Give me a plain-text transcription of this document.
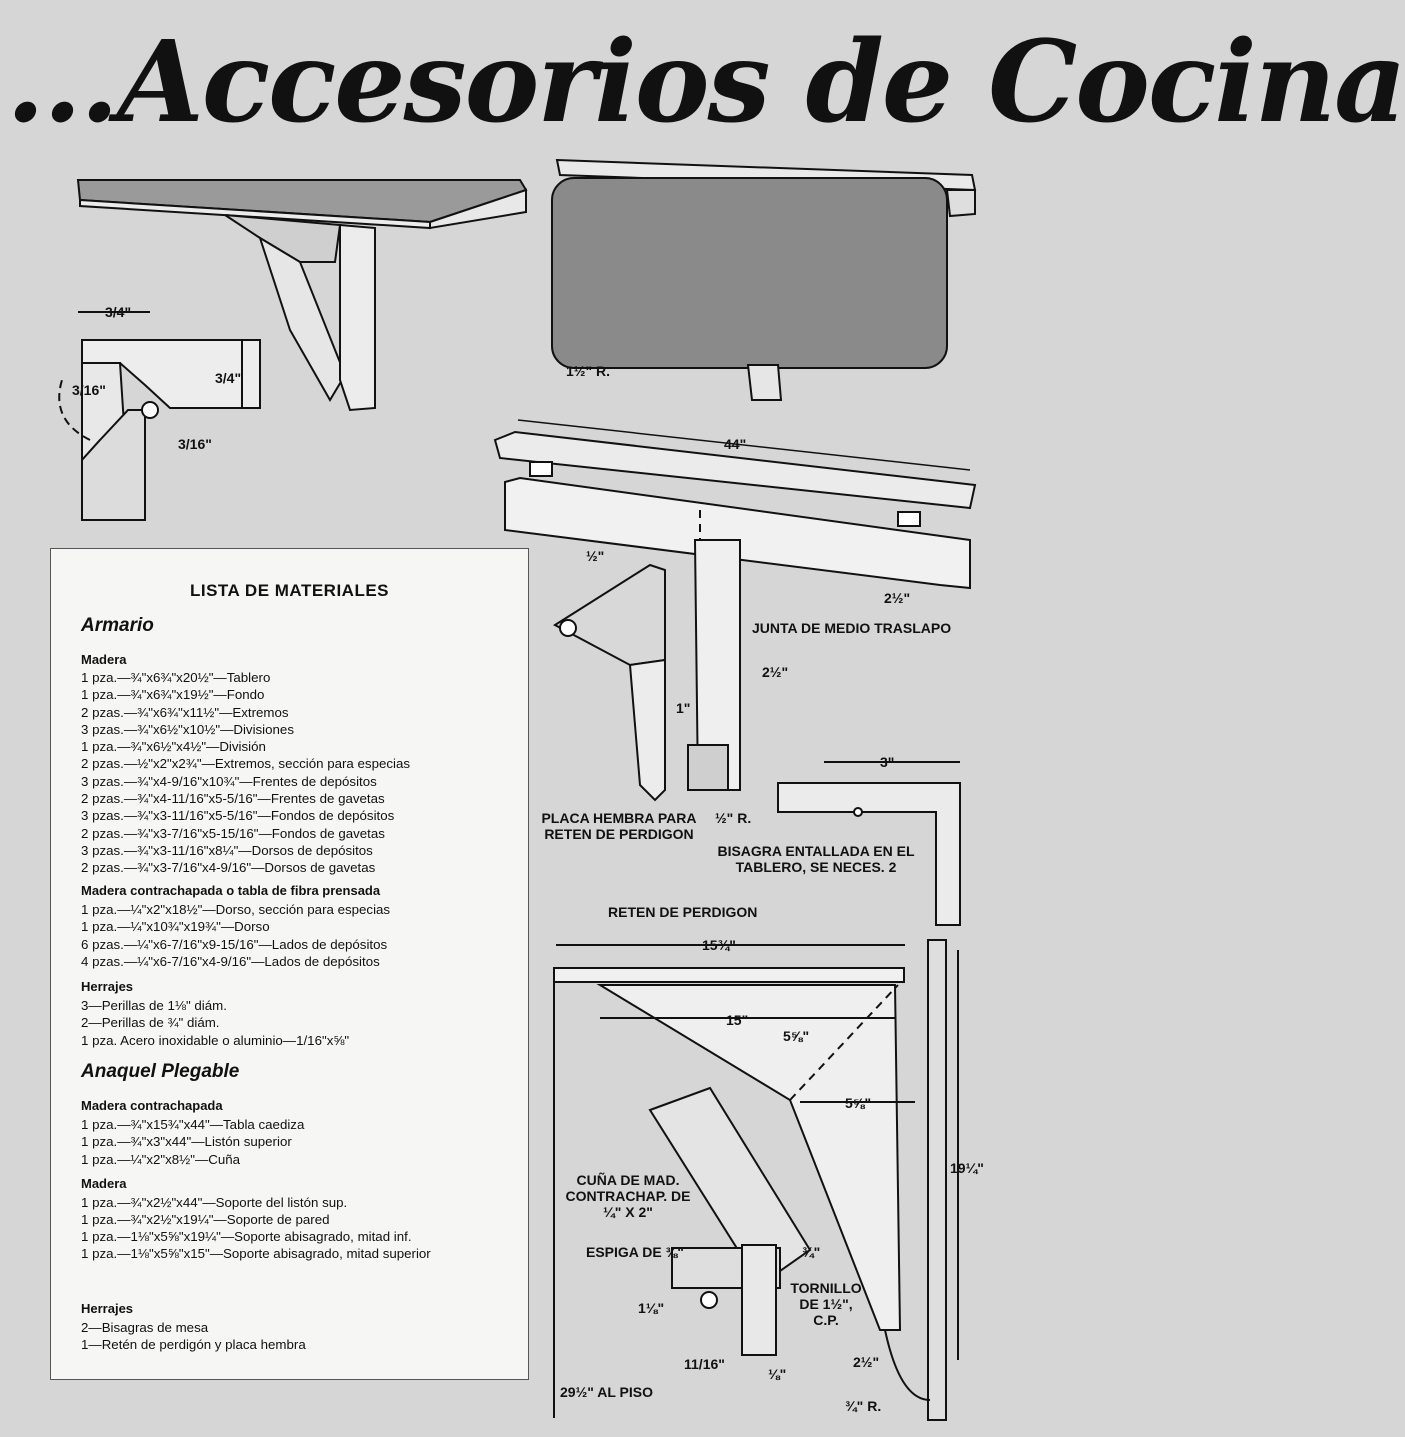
...Accesorios de Cocina
3/4"
3/16"
3/4"
3/16"
1½" R.
44"
½"
2½"
JUNTA DE MEDIO TRASLAPO
2½"
1"
PLACA HEMBRA PARA
RETEN DE PERDIGON
½" R.
3"
BISAGRA ENTALLADA EN EL
TABLERO, SE NECES. 2
RETEN DE PERDIGON
15¾"
15"
5⅝"
5⅝"
CUÑA DE MAD.
CONTRACHAP. DE
¼" X 2"
19¼"
ESPIGA DE ⅜"	¾"
TORNILLO
DE 1½",
C.P.
1⅛"
11/16"
⅛"
2½"
29½" AL PISO
¾" R.
LISTA DE MATERIALES
Armario
Madera
1 pza.—¾"x6¾"x20½"—Tablero
1 pza.—¾"x6¾"x19½"—Fondo
2 pzas.—¾"x6¾"x11½"—Extremos
3 pzas.—¾"x6½"x10½"—Divisiones
1 pza.—¾"x6½"x4½"—División
2 pzas.—½"x2"x2¾"—Extremos, sección para especias
3 pzas.—¾"x4-9/16"x10¾"—Frentes de depósitos
2 pzas.—¾"x4-11/16"x5-5/16"—Frentes de gavetas
3 pzas.—¾"x3-11/16"x5-5/16"—Fondos de depósitos
2 pzas.—¾"x3-7/16"x5-15/16"—Fondos de gavetas
3 pzas.—¾"x3-11/16"x8¼"—Dorsos de depósitos
2 pzas.—¾"x3-7/16"x4-9/16"—Dorsos de gavetas
Madera contrachapada o tabla de fibra prensada
1 pza.—¼"x2"x18½"—Dorso, sección para especias
1 pza.—¼"x10¾"x19¾"—Dorso
6 pzas.—¼"x6-7/16"x9-15/16"—Lados de depósitos
4 pzas.—¼"x6-7/16"x4-9/16"—Lados de depósitos
Herrajes
3—Perillas de 1⅛" diám.
2—Perillas de ¾" diám.
1 pza. Acero inoxidable o aluminio—1/16"x⅝"
Anaquel Plegable
Madera contrachapada
1 pza.—¾"x15¾"x44"—Tabla caediza
1 pza.—¾"x3"x44"—Listón superior
1 pza.—¼"x2"x8½"—Cuña
Madera
1 pza.—¾"x2½"x44"—Soporte del listón sup.
1 pza.—¾"x2½"x19¼"—Soporte de pared
1 pza.—1⅛"x5⅝"x19¼"—Soporte abisagrado, mitad inf.
1 pza.—1⅛"x5⅝"x15"—Soporte abisagrado, mitad superior
Herrajes
2—Bisagras de mesa
1—Retén de perdigón y placa hembra
